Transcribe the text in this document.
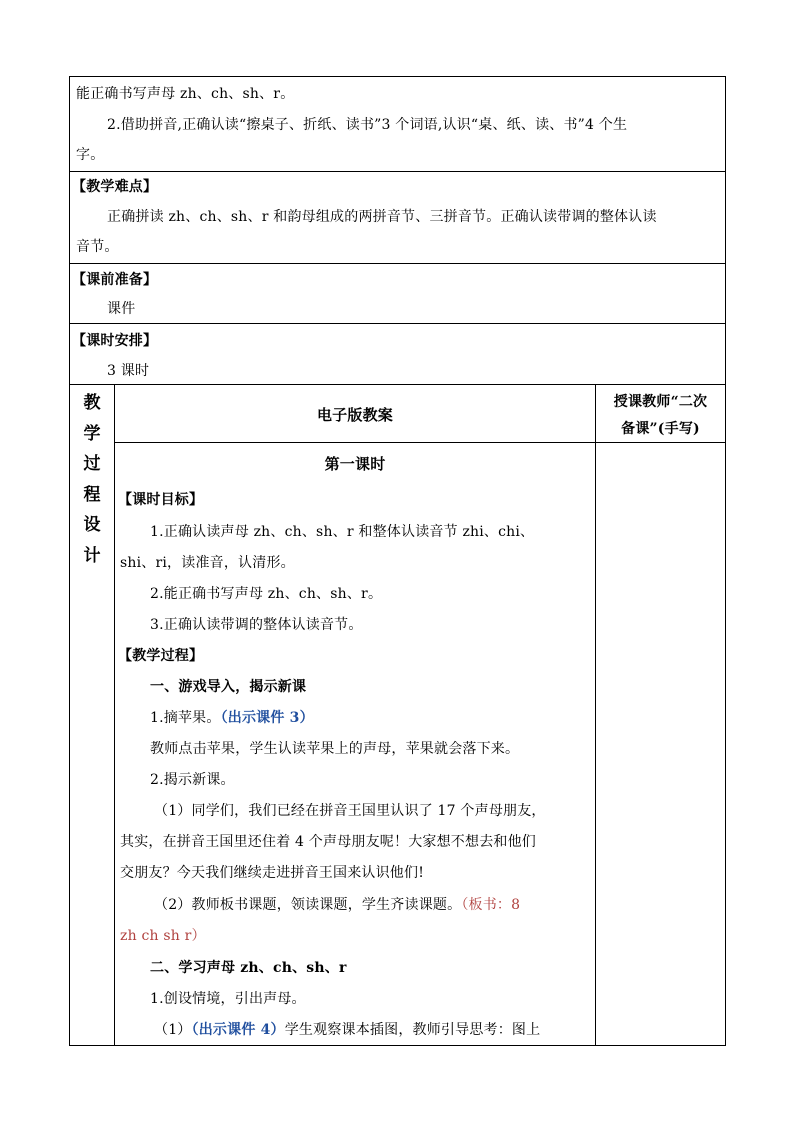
能正确书写声母 zh、ch、sh、r。
2.借助拼音,正确认读“擦桌子、折纸、读书”3 个词语,认识“桌、纸、读、书”4 个生
字。
【教学难点】
正确拼读 zh、ch、sh、r 和韵母组成的两拼音节、三拼音节。正确认读带调的整体认读
音节。
【课前准备】
课件
【课时安排】
3 课时
教
学
过
程
设
计
电子版教案
授课教师“二次
备课”(手写)
第一课时
【课时目标】
1.正确认读声母 zh、ch、sh、r 和整体认读音节 zhi、chi、
shi、ri，读准音，认清形。
2.能正确书写声母 zh、ch、sh、r。
3.正确认读带调的整体认读音节。
【教学过程】
一、游戏导入，揭示新课
1.摘苹果。（出示课件 3）
教师点击苹果，学生认读苹果上的声母，苹果就会落下来。
2.揭示新课。
（1）同学们，我们已经在拼音王国里认识了 17 个声母朋友，
其实，在拼音王国里还住着 4 个声母朋友呢！大家想不想去和他们
交朋友？今天我们继续走进拼音王国来认识他们!
（2）教师板书课题，领读课题，学生齐读课题。（板书：8
zh ch sh r）
二、学习声母 zh、ch、sh、r
1.创设情境，引出声母。
（1）（出示课件 4）学生观察课本插图，教师引导思考：图上
